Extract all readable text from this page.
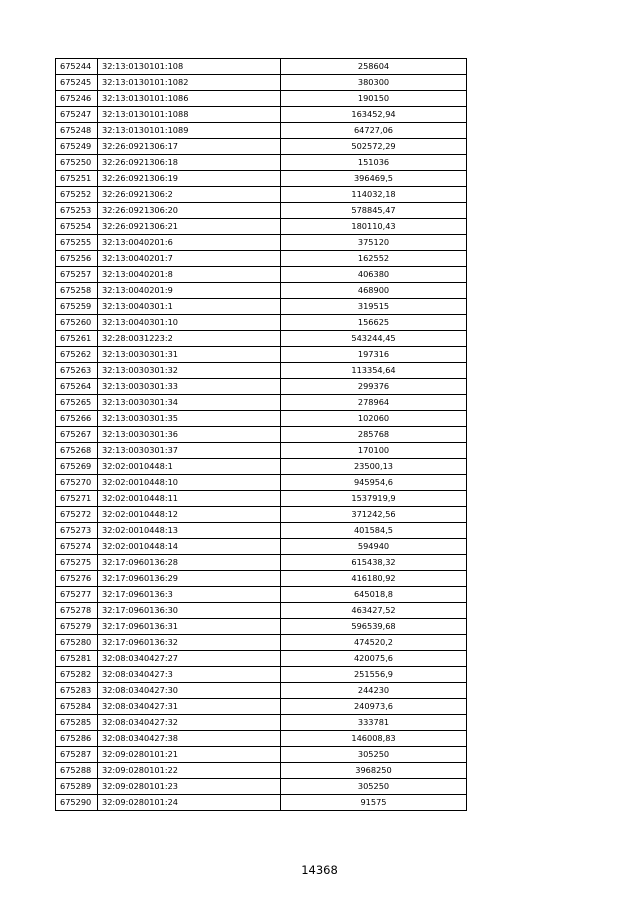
675244	32:13:0130101:108	258604
675245	32:13:0130101:1082	380300
675246	32:13:0130101:1086	190150
675247	32:13:0130101:1088	163452,94
675248	32:13:0130101:1089	64727,06
675249	32:26:0921306:17	502572,29
675250	32:26:0921306:18	151036
675251	32:26:0921306:19	396469,5
675252	32:26:0921306:2	114032,18
675253	32:26:0921306:20	578845,47
675254	32:26:0921306:21	180110,43
675255	32:13:0040201:6	375120
675256	32:13:0040201:7	162552
675257	32:13:0040201:8	406380
675258	32:13:0040201:9	468900
675259	32:13:0040301:1	319515
675260	32:13:0040301:10	156625
675261	32:28:0031223:2	543244,45
675262	32:13:0030301:31	197316
675263	32:13:0030301:32	113354,64
675264	32:13:0030301:33	299376
675265	32:13:0030301:34	278964
675266	32:13:0030301:35	102060
675267	32:13:0030301:36	285768
675268	32:13:0030301:37	170100
675269	32:02:0010448:1	23500,13
675270	32:02:0010448:10	945954,6
675271	32:02:0010448:11	1537919,9
675272	32:02:0010448:12	371242,56
675273	32:02:0010448:13	401584,5
675274	32:02:0010448:14	594940
675275	32:17:0960136:28	615438,32
675276	32:17:0960136:29	416180,92
675277	32:17:0960136:3	645018,8
675278	32:17:0960136:30	463427,52
675279	32:17:0960136:31	596539,68
675280	32:17:0960136:32	474520,2
675281	32:08:0340427:27	420075,6
675282	32:08:0340427:3	251556,9
675283	32:08:0340427:30	244230
675284	32:08:0340427:31	240973,6
675285	32:08:0340427:32	333781
675286	32:08:0340427:38	146008,83
675287	32:09:0280101:21	305250
675288	32:09:0280101:22	3968250
675289	32:09:0280101:23	305250
675290	32:09:0280101:24	91575
14368
